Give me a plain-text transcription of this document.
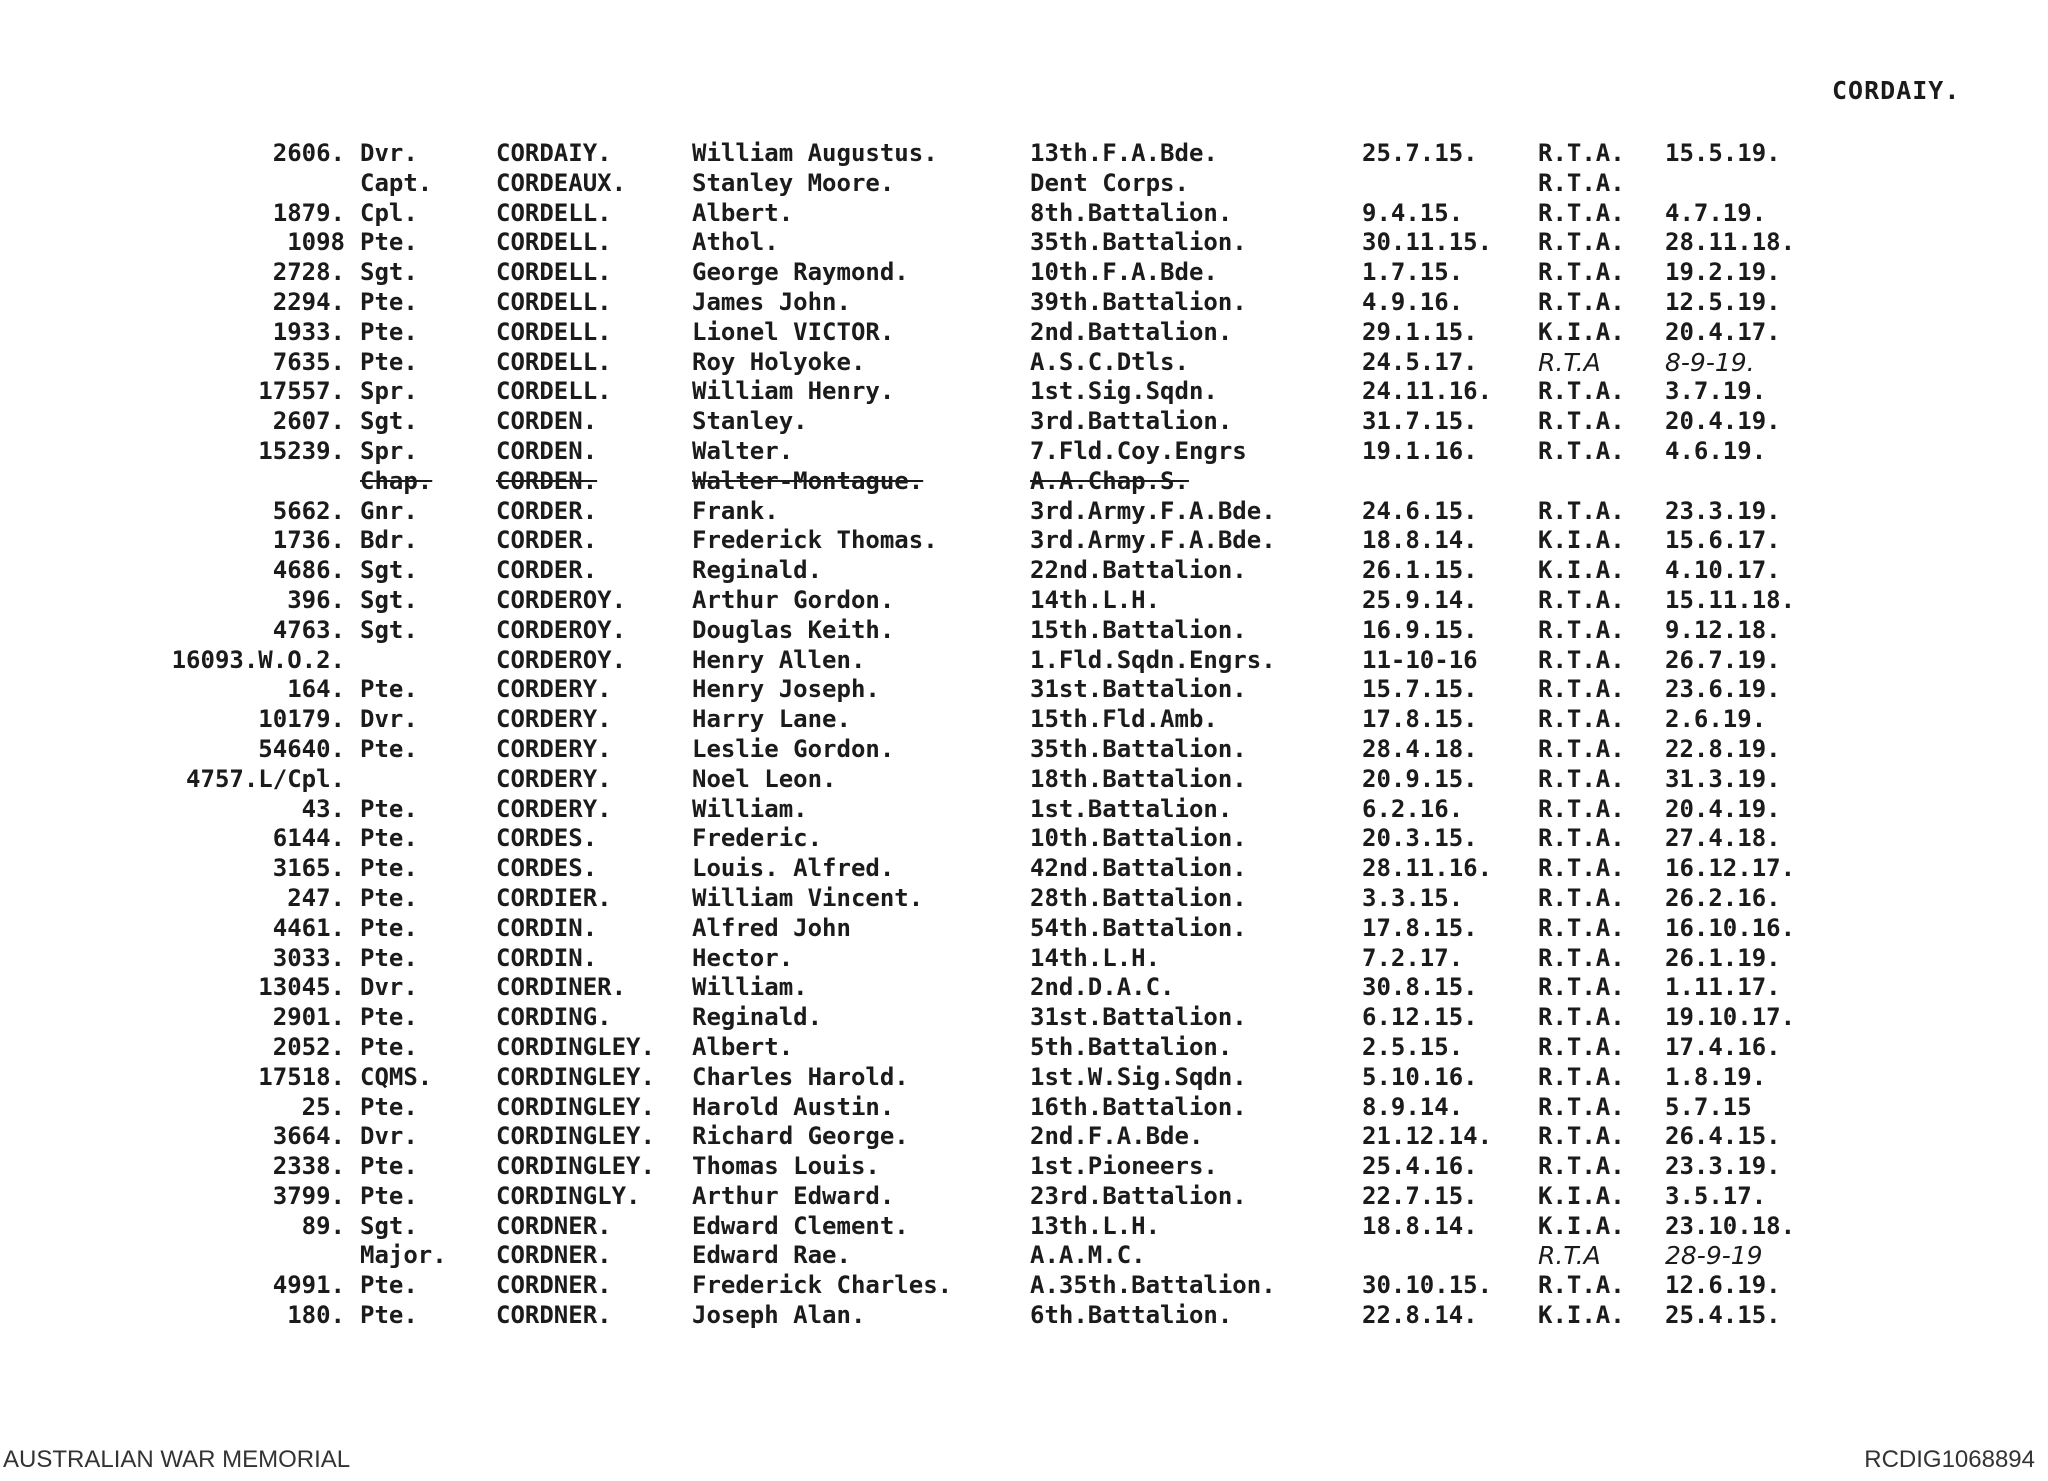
CORDAIY.
2606. Dvr.	CORDAIY.	William Augustus.	13th.F.A.Bde.	25.7.15.	R.T.A. 15.5.19.
Capt.	CORDEAUX.	Stanley Moore.	Dent Corps.	R.T.A.
1879. Cpl.	CORDELL.	Albert.	8th.Battalion.	9.4.15.	R.T.A. 4.7.19.
1098 Pte.	CORDELL.	Athol.	35th.Battalion.	30.11.15. R.T.A. 28.11.18.
2728. Sgt.	CORDELL.	George Raymond.	10th.F.A.Bde.	1.7.15.	R.T.A. 19.2.19.
2294. Pte.	CORDELL.	James John.	39th.Battalion.	4.9.16.	R.T.A. 12.5.19.
1933. Pte.	CORDELL.	Lionel VICTOR.	2nd.Battalion.	29.1.15.	K.I.A. 20.4.17.
7635. Pte.	CORDELL.	Roy Holyoke.	A.S.C.Dtls.	24.5.17. R.T.A	8-9-19.
17557. Spr.	CORDELL.	William Henry.	1st.Sig.Sqdn.	24.11.16. R.T.A. 3.7.19.
2607. Sgt.	CORDEN.	Stanley.	3rd.Battalion.	31.7.15.	R.T.A. 20.4.19.
15239. Spr.	CORDEN.	Walter.	7.Fld.Coy.Engrs	19.1.16.	R.T.A. 4.6.19.
Chap.	CORDEN.	Walter-Montague.	A.A.Chap.S.
5662. Gnr.	CORDER.	Frank.	3rd.Army.F.A.Bde.	24.6.15.	R.T.A. 23.3.19.
1736. Bdr.	CORDER.	Frederick Thomas.	3rd.Army.F.A.Bde.	18.8.14.	K.I.A. 15.6.17.
4686. Sgt.	CORDER.	Reginald.	22nd.Battalion.	26.1.15.	K.I.A. 4.10.17.
396. Sgt.	CORDEROY.	Arthur Gordon.	14th.L.H.	25.9.14.	R.T.A. 15.11.18.
4763. Sgt.	CORDEROY.	Douglas Keith.	15th.Battalion.	16.9.15.	R.T.A. 9.12.18.
16093.W.O.2.	CORDEROY.	Henry Allen.	1.Fld.Sqdn.Engrs.	11-10-16	R.T.A. 26.7.19.
164. Pte.	CORDERY.	Henry Joseph.	31st.Battalion.	15.7.15.	R.T.A. 23.6.19.
10179. Dvr.	CORDERY.	Harry Lane.	15th.Fld.Amb.	17.8.15.	R.T.A. 2.6.19.
54640. Pte.	CORDERY.	Leslie Gordon.	35th.Battalion.	28.4.18.	R.T.A. 22.8.19.
4757.L/Cpl.	CORDERY.	Noel Leon.	18th.Battalion.	20.9.15.	R.T.A. 31.3.19.
43. Pte.	CORDERY.	William.	1st.Battalion.	6.2.16.	R.T.A. 20.4.19.
6144. Pte.	CORDES.	Frederic.	10th.Battalion.	20.3.15.	R.T.A. 27.4.18.
3165. Pte.	CORDES.	Louis. Alfred.	42nd.Battalion.	28.11.16. R.T.A. 16.12.17.
247. Pte.	CORDIER.	William Vincent.	28th.Battalion.	3.3.15.	R.T.A. 26.2.16.
4461. Pte.	CORDIN.	Alfred John	54th.Battalion.	17.8.15.	R.T.A. 16.10.16.
3033. Pte.	CORDIN.	Hector.	14th.L.H.	7.2.17.	R.T.A. 26.1.19.
13045. Dvr.	CORDINER.	William.	2nd.D.A.C.	30.8.15.	R.T.A. 1.11.17.
2901. Pte.	CORDING.	Reginald.	31st.Battalion.	6.12.15.	R.T.A. 19.10.17.
2052. Pte.	CORDINGLEY. Albert.	5th.Battalion.	2.5.15.	R.T.A. 17.4.16.
17518. CQMS.	CORDINGLEY. Charles Harold.	1st.W.Sig.Sqdn.	5.10.16.	R.T.A. 1.8.19.
25. Pte.	CORDINGLEY. Harold Austin.	16th.Battalion.	8.9.14.	R.T.A. 5.7.15
3664. Dvr.	CORDINGLEY. Richard George.	2nd.F.A.Bde.	21.12.14. R.T.A. 26.4.15.
2338. Pte.	CORDINGLEY. Thomas Louis.	1st.Pioneers.	25.4.16.	R.T.A. 23.3.19.
3799. Pte.	CORDINGLY. Arthur Edward.	23rd.Battalion.	22.7.15.	K.I.A. 3.5.17.
89. Sgt.	CORDNER.	Edward Clement.	13th.L.H.	18.8.14.	K.I.A. 23.10.18.
Major. CORDNER.	Edward Rae.	A.A.M.C.	R.T.A	28-9-19
4991. Pte.	CORDNER.	Frederick Charles.	A.35th.Battalion.	30.10.15. R.T.A. 12.6.19.
180. Pte.	CORDNER.	Joseph Alan.	6th.Battalion.	22.8.14.	K.I.A. 25.4.15.
AUSTRALIAN WAR MEMORIAL	RCDIG1068894
